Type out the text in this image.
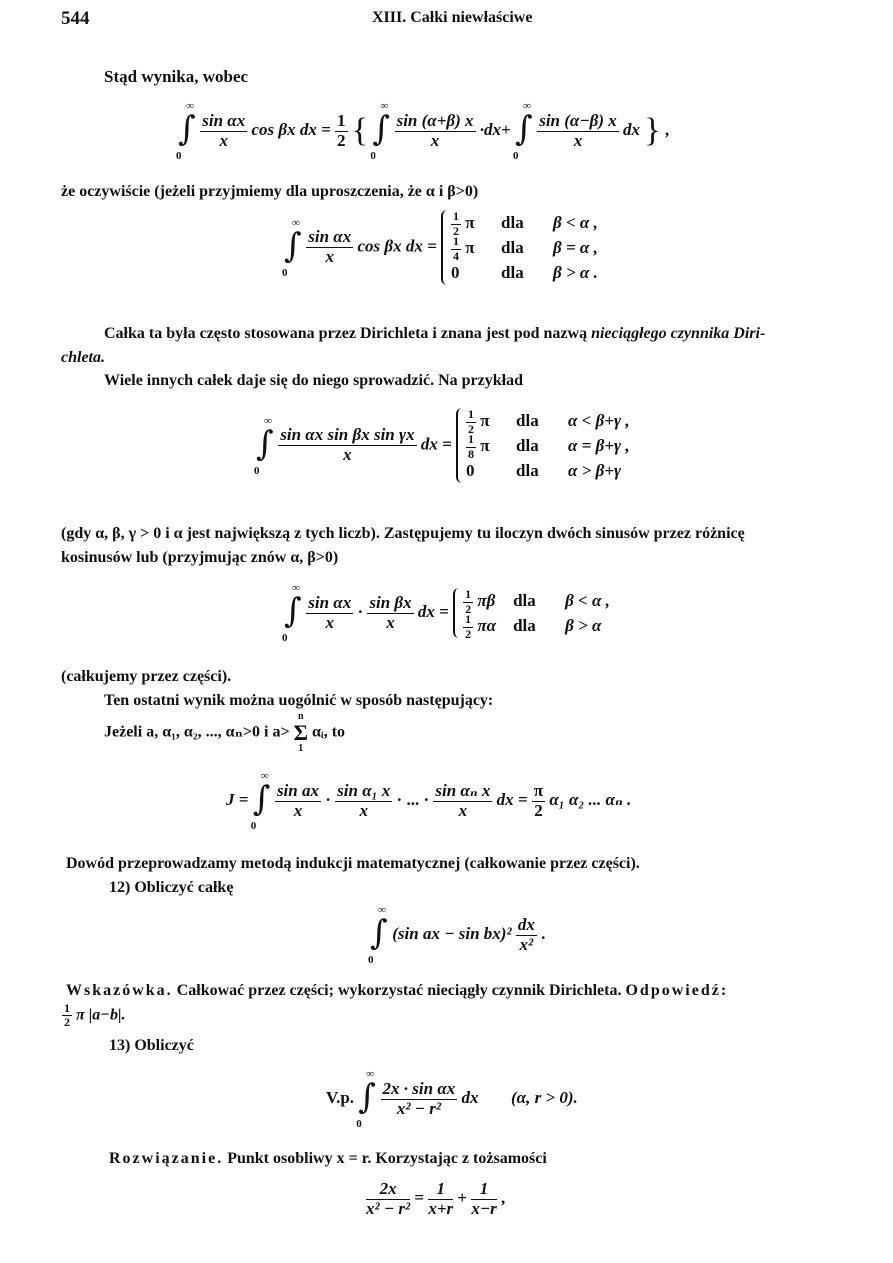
544	XIII. Całki niewłaściwe
Stąd wynika, wobec
∫
∞
0

$\frac{\text{sin αx}}{x}$ cos βx dx = $\frac{1}{2}$ { ∫
∞
0

$\frac{\sin (\alpha+\beta) x}{x} \cdot dx+$ ∫
∞
0

$\frac{\sin (\alpha-\beta) x}{x}$ dx } ,
że oczywiście (jeżeli przyjmiemy dla uproszczenia, że α i β>0)
∫
∞
0

$\frac{\text{sin αx}}{x}$ cos βx dx =
$\frac{1}{2}$ π dla β < α ,
$\frac{1}{4}$ π dla β = α ,
0 dla β > α .
Całka ta była często stosowana przez Dirichleta i znana jest pod nazwą nieciągłego czynnika Diri-
chleta.
Wiele innych całek daje się do niego sprowadzić. Na przykład
∫
∞
0

$\frac{\text{sin αx sin βx sin γx}}{x}$ dx =
$\frac{1}{2}$ π dla α < β+γ ,
$\frac{1}{8}$ π dla α = β+γ ,
0 dla α > β+γ
(gdy α, β, γ > 0 i α jest największą z tych liczb). Zastępujemy tu iloczyn dwóch sinusów przez różnicę
kosinusów lub (przyjmując znów α, β>0)
∫
∞
0

$\frac{\text{sin αx}}{x} \cdot \frac{\text{sin βx}}{x}$ dx = $\frac{1}{2}$ πβ dla β < α ,
$\frac{1}{2}$ πα dla β > α
(całkujemy przez części).
Ten ostatni wynik można uogólnić w sposób następujący:
Jeżeli a, α₁, α₂, ..., αₙ>0 i a>
n
Σ
1
αᵢ, to
J = ∫
∞
0

$\frac{\text{sin ax}}{x} \cdot \frac{\text{sin α₁ x}}{x}$ · ... · $\frac{\text{sin αₙ x}}{x}$ dx = $\frac{\pi}{2} \alpha_1$ α₂ ... αₙ .
Dowód przeprowadzamy metodą indukcji matematycznej (całkowanie przez części).
12) Obliczyć całkę
∫
∞
0
(sin ax − $\sin bx)^2 \frac{dx}{\text{x²}}$ .
Wskazówka. Całkować przez części; wykorzystać nieciągły czynnik Dirichleta. Odpowiedź:
$\frac{1}{2}$ π |a−b|.
13) Obliczyć
V.p. ∫
∞
0

$\frac{\text{2x · sin αx}}{\text{x² − r²}}$ dx (α, r > 0).
Rozwiązanie. Punkt osobliwy x = r. Korzystając z tożsamości
$\frac{2x}{\text{x² − r²}} = \frac{1}{x+r} + \frac{1}{x-r}$ ,
